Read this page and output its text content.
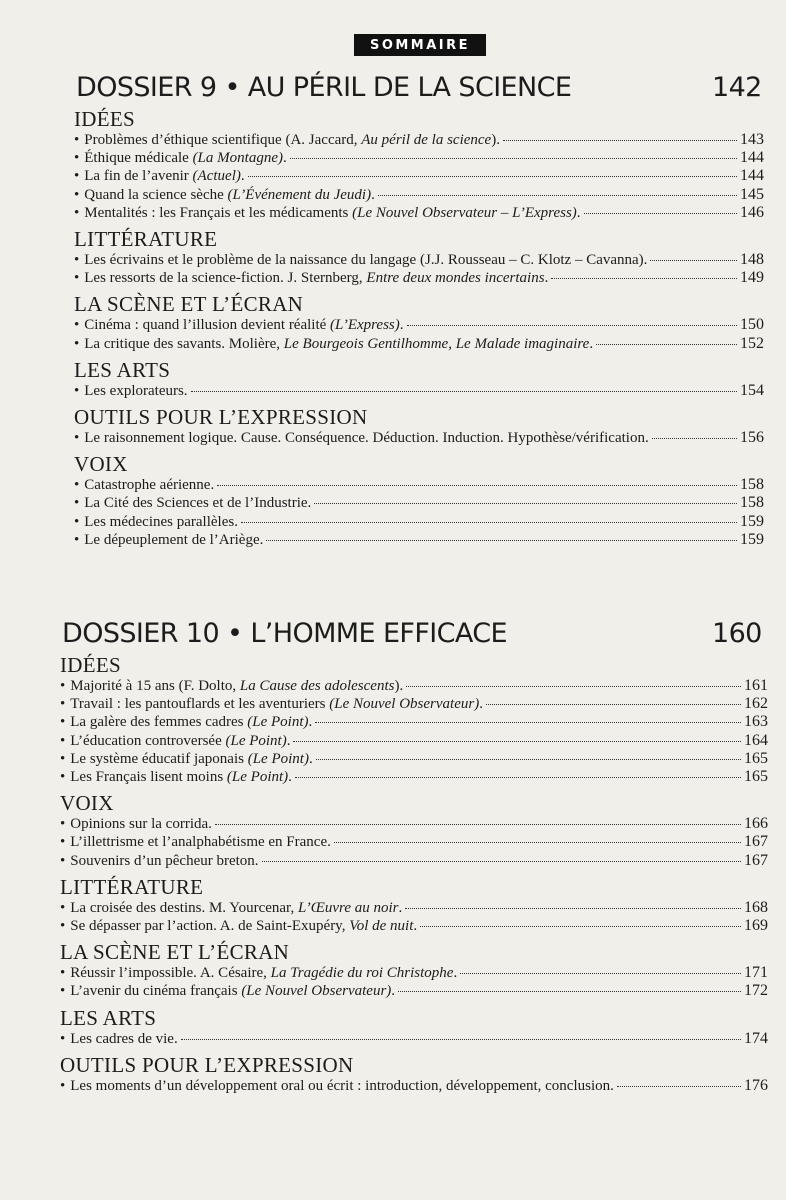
SOMMAIRE
DOSSIER 9 • AU PÉRIL DE LA SCIENCE	142
IDÉES
• Problèmes d’éthique scientifique (A. Jaccard, Au péril de la science).	143
• Éthique médicale (La Montagne).	144
• La fin de l’avenir (Actuel).	144
• Quand la science sèche (L’Événement du Jeudi).	145
• Mentalités : les Français et les médicaments (Le Nouvel Observateur – L’Express).	146
LITTÉRATURE
• Les écrivains et le problème de la naissance du langage (J.J. Rousseau – C. Klotz – Cavanna).	148
• Les ressorts de la science-fiction. J. Sternberg, Entre deux mondes incertains.	149
LA SCÈNE ET L’ÉCRAN
• Cinéma : quand l’illusion devient réalité (L’Express).	150
• La critique des savants. Molière, Le Bourgeois Gentilhomme, Le Malade imaginaire.	152
LES ARTS
• Les explorateurs.	154
OUTILS POUR L’EXPRESSION
• Le raisonnement logique. Cause. Conséquence. Déduction. Induction. Hypothèse/vérification.	156
VOIX
• Catastrophe aérienne.	158
• La Cité des Sciences et de l’Industrie.	158
• Les médecines parallèles.	159
• Le dépeuplement de l’Ariège.	159
DOSSIER 10 • L’HOMME EFFICACE	160
IDÉES
• Majorité à 15 ans (F. Dolto, La Cause des adolescents).	161
• Travail : les pantouflards et les aventuriers (Le Nouvel Observateur).	162
• La galère des femmes cadres (Le Point).	163
• L’éducation controversée (Le Point).	164
• Le système éducatif japonais (Le Point).	165
• Les Français lisent moins (Le Point).	165
VOIX
• Opinions sur la corrida.	166
• L’illettrisme et l’analphabétisme en France.	167
• Souvenirs d’un pêcheur breton.	167
LITTÉRATURE
• La croisée des destins. M. Yourcenar, L’Œuvre au noir.	168
• Se dépasser par l’action. A. de Saint-Exupéry, Vol de nuit.	169
LA SCÈNE ET L’ÉCRAN
• Réussir l’impossible. A. Césaire, La Tragédie du roi Christophe.	171
• L’avenir du cinéma français (Le Nouvel Observateur).	172
LES ARTS
• Les cadres de vie.	174
OUTILS POUR L’EXPRESSION
• Les moments d’un développement oral ou écrit : introduction, développement, conclusion.	176
